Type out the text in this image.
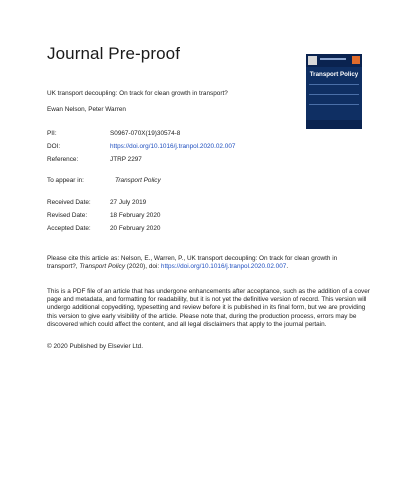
Journal Pre-proof
Transport Policy
UK transport decoupling: On track for clean growth in transport?
Ewan Nelson, Peter Warren
PII:	S0967-070X(19)30574-8
DOI:	https://doi.org/10.1016/j.tranpol.2020.02.007
Reference:	JTRP 2297
To appear in:	Transport Policy
Received Date:	27 July 2019
Revised Date:	18 February 2020
Accepted Date:	20 February 2020
Please cite this article as: Nelson, E., Warren, P., UK transport decoupling: On track for clean growth in transport?, Transport Policy (2020), doi: https://doi.org/10.1016/j.tranpol.2020.02.007.
This is a PDF file of an article that has undergone enhancements after acceptance, such as the addition of a cover page and metadata, and formatting for readability, but it is not yet the definitive version of record. This version will undergo additional copyediting, typesetting and review before it is published in its final form, but we are providing this version to give early visibility of the article. Please note that, during the production process, errors may be discovered which could affect the content, and all legal disclaimers that apply to the journal pertain.
© 2020 Published by Elsevier Ltd.
